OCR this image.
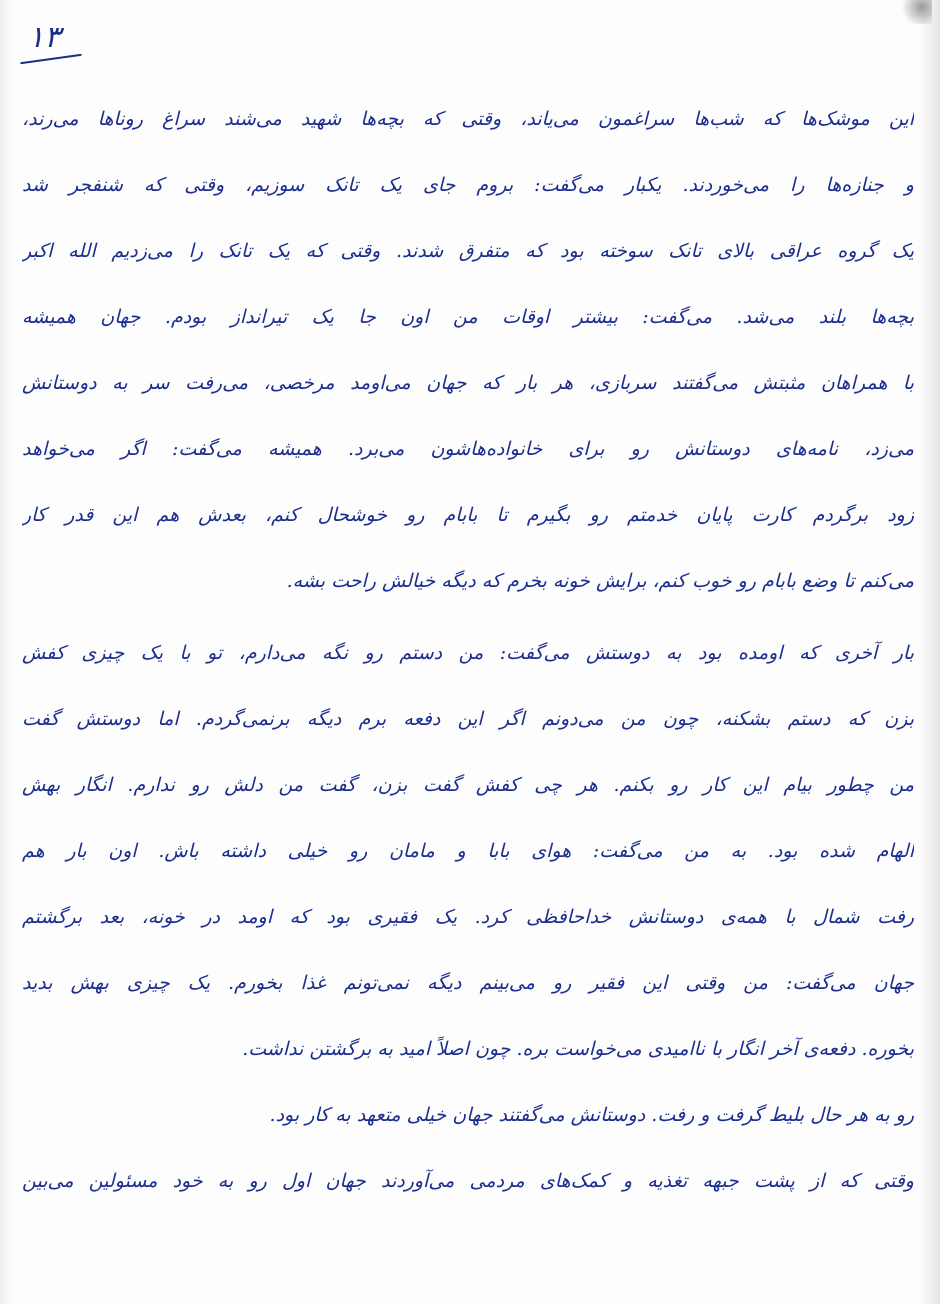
۱۳
این موشک‌ها که شب‌ها سراغمون می‌یاند، وقتی که بچه‌ها شهید می‌شند سراغ روناها می‌رند،
و جنازه‌ها را می‌خوردند. یکبار می‌گفت: بروم جای یک تانک سوزیم، وقتی که شنفجر شد
یک گروه عراقی بالای تانک سوخته بود که متفرق شدند. وقتی که یک تانک را می‌زدیم الله اکبر
بچه‌ها بلند می‌شد. می‌گفت: بیشتر اوقات من اون جا یک تیرانداز بودم. جهان همیشه
با همراهان مثبتش می‌گفتند سربازی، هر بار که جهان می‌اومد مرخصی، می‌رفت سر به دوستانش
می‌زد، نامه‌های دوستانش رو برای خانواده‌هاشون می‌برد. همیشه می‌گفت: اگر می‌خواهد
زود برگردم کارت پایان خدمتم رو بگیرم تا بابام رو خوشحال کنم، بعدش هم این قدر کار
می‌کنم تا وضع بابام رو خوب کنم، برایش خونه بخرم که دیگه خیالش راحت بشه.
بار آخری که اومده بود به دوستش می‌گفت: من دستم رو نگه می‌دارم، تو با یک چیزی کفش
بزن که دستم بشکنه، چون من می‌دونم اگر این دفعه برم دیگه برنمی‌گردم. اما دوستش گفت
من چطور بیام این کار رو بکنم. هر چی کفش گفت بزن، گفت من دلش رو ندارم. انگار بهش
الهام شده بود. به من می‌گفت: هوای بابا و مامان رو خیلی داشته باش. اون بار هم
رفت شمال با همه‌ی دوستانش خداحافظی کرد. یک فقیری بود که اومد در خونه، بعد برگشتم
جهان می‌گفت: من وقتی این فقیر رو می‌بینم دیگه نمی‌تونم غذا بخورم. یک چیزی بهش بدید
بخوره. دفعه‌ی آخر انگار با ناامیدی می‌خواست بره. چون اصلاً امید به برگشتن نداشت.
رو به هر حال بلیط گرفت و رفت. دوستانش می‌گفتند جهان خیلی متعهد به کار بود.
وقتی که از پشت جبهه تغذیه و کمک‌های مردمی می‌آوردند جهان اول رو به خود مسئولین می‌بین
